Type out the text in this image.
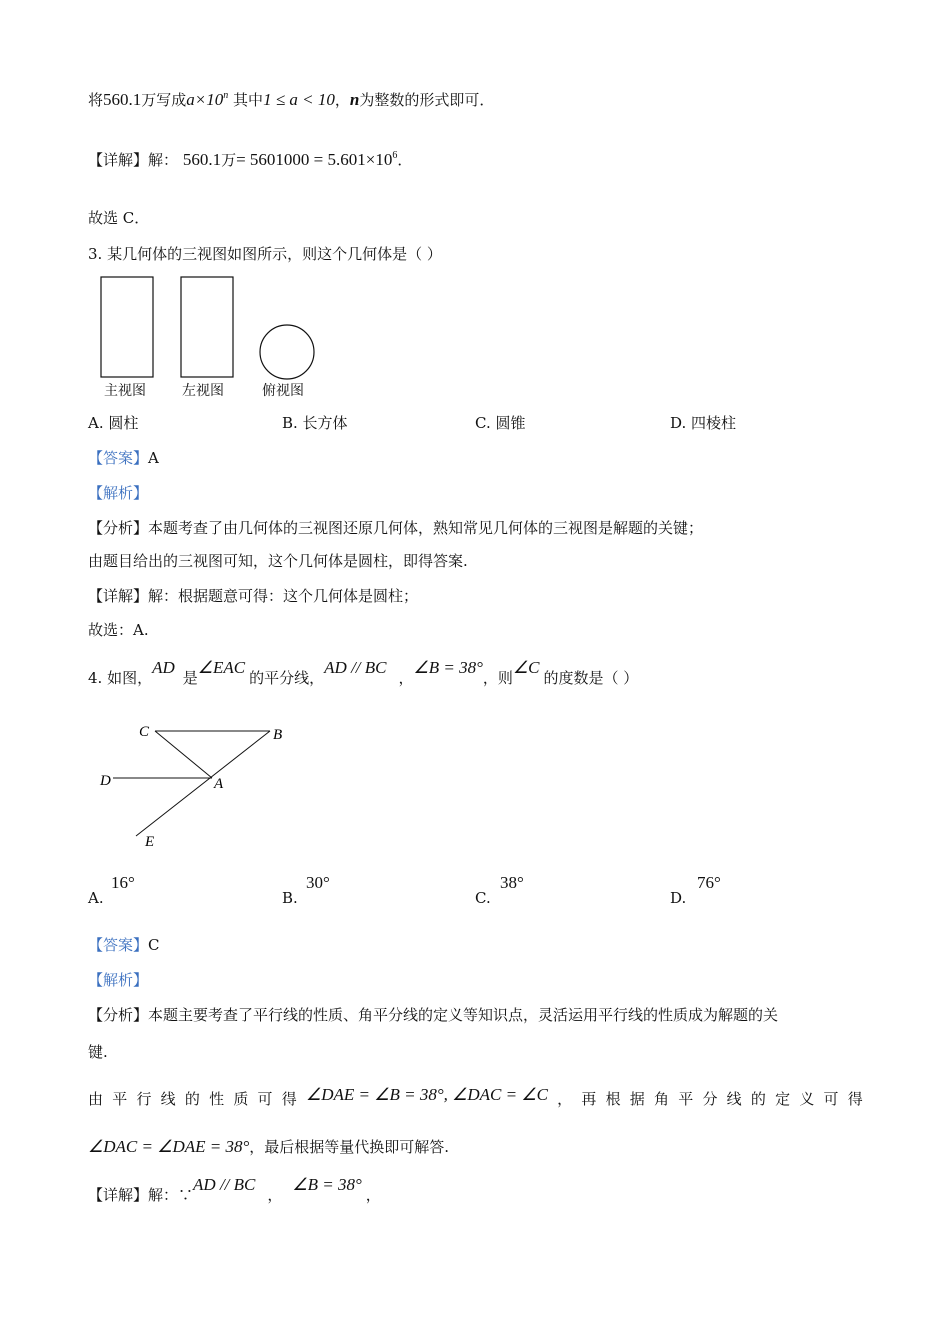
将560.1万写成$a\times 10^n$ 其中1 ≤ a < 10，n为整数的形式即可．
【详解】解： 560.1万= $5601000 = 5.601\times 10^6$．
故选 C．
3. 某几何体的三视图如图所示，则这个几何体是（ ）
主视图	左视图	俯视图
A. 圆柱	B. 长方体	C. 圆锥	D. 四棱柱
【答案】A
【解析】
【分析】本题考查了由几何体的三视图还原几何体，熟知常见几何体的三视图是解题的关键；
由题目给出的三视图可知，这个几何体是圆柱，即得答案.
【详解】解：根据题意可得：这个几何体是圆柱；
故选：A.
4. 如图，AD是∠EAC的平分线，AD // BC，∠B = 38°，则∠C的度数是（ ）
C	B
D	A
E
A.
16°
B.
30°
C.
38°
D.
76°
【答案】C
【解析】
【分析】本题主要考查了平行线的性质、角平分线的定义等知识点，灵活运用平行线的性质成为解题的关
键.
由 平 行 线 的 性 质 可 得 ∠DAE = ∠B = 38°, ∠DAC = ∠C ， 再 根 据 角 平 分 线 的 定 义 可 得
∠DAC = ∠DAE = 38°，最后根据等量代换即可解答.
【详解】解：∵AD // BC，∠B = 38°，
